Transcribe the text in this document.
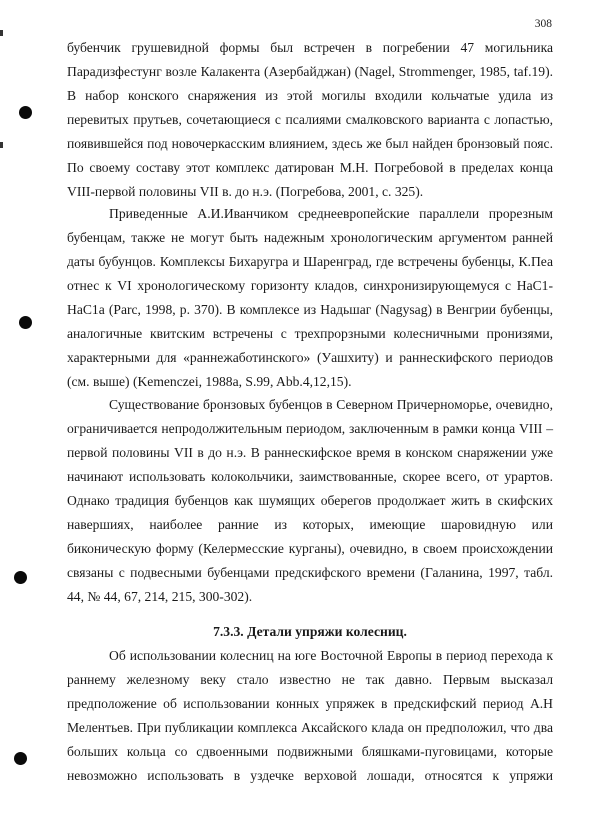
308
бубенчик грушевидной формы был встречен в погребении 47 могильника
Парадизфестунг возле Калакента (Азербайджан) (Nagel, Strommenger, 1985, taf.19).
В набор конского снаряжения из этой могилы входили кольчатые удила из
перевитых прутьев, сочетающиеся с псалиями смалковского варианта с лопастью,
появившейся под новочеркасским влиянием, здесь же был найден бронзовый пояс.
По своему составу этот комплекс датирован М.Н. Погребовой в пределах конца
VIII-первой половины VII в. до н.э. (Погребова, 2001, с. 325).
Приведенные А.И.Иванчиком среднеевропейские параллели прорезным
бубенцам, также не могут быть надежным хронологическим аргументом ранней
даты бубунцов. Комплексы Бихаругра и Шаренград, где встречены бубенцы, К.Пеа
отнес к VI хронологическому горизонту кладов, синхронизирующемуся с НаС1-
НаС1а (Parc, 1998, p. 370). В комплексе из Надьшаг (Nagysag) в Венгрии бубенцы,
аналогичные квитским встречены с трехпрорзными колесничными пронизями,
характерными для «раннежаботинского» (Уашхиту) и раннескифского периодов
(см. выше) (Kemenczei, 1988a, S.99, Abb.4,12,15).
Существование бронзовых бубенцов в Северном Причерноморье, очевидно,
ограничивается непродолжительным периодом, заключенным в рамки конца VIII –
первой половины VII в до н.э. В раннескифское время в конском снаряжении уже
начинают использовать колокольчики, заимствованные, скорее всего, от урартов.
Однако традиция бубенцов как шумящих оберегов продолжает жить в скифских
навершиях, наиболее ранние из которых, имеющие шаровидную или
биконическую форму (Келермесские курганы), очевидно, в своем происхождении
связаны с подвесными бубенцами предскифского времени (Галанина, 1997, табл.
44, № 44, 67, 214, 215, 300-302).
7.3.3. Детали упряжи колесниц.
Об использовании колесниц на юге Восточной Европы в период перехода к
раннему железному веку стало известно не так давно. Первым высказал
предположение об использовании конных упряжек в предскифский период А.Н
Мелентьев. При публикации комплекса Аксайского клада он предположил, что два
больших кольца со сдвоенными подвижными бляшками-пуговицами, которые
невозможно использовать в уздечке верховой лошади, относятся к упряжи
